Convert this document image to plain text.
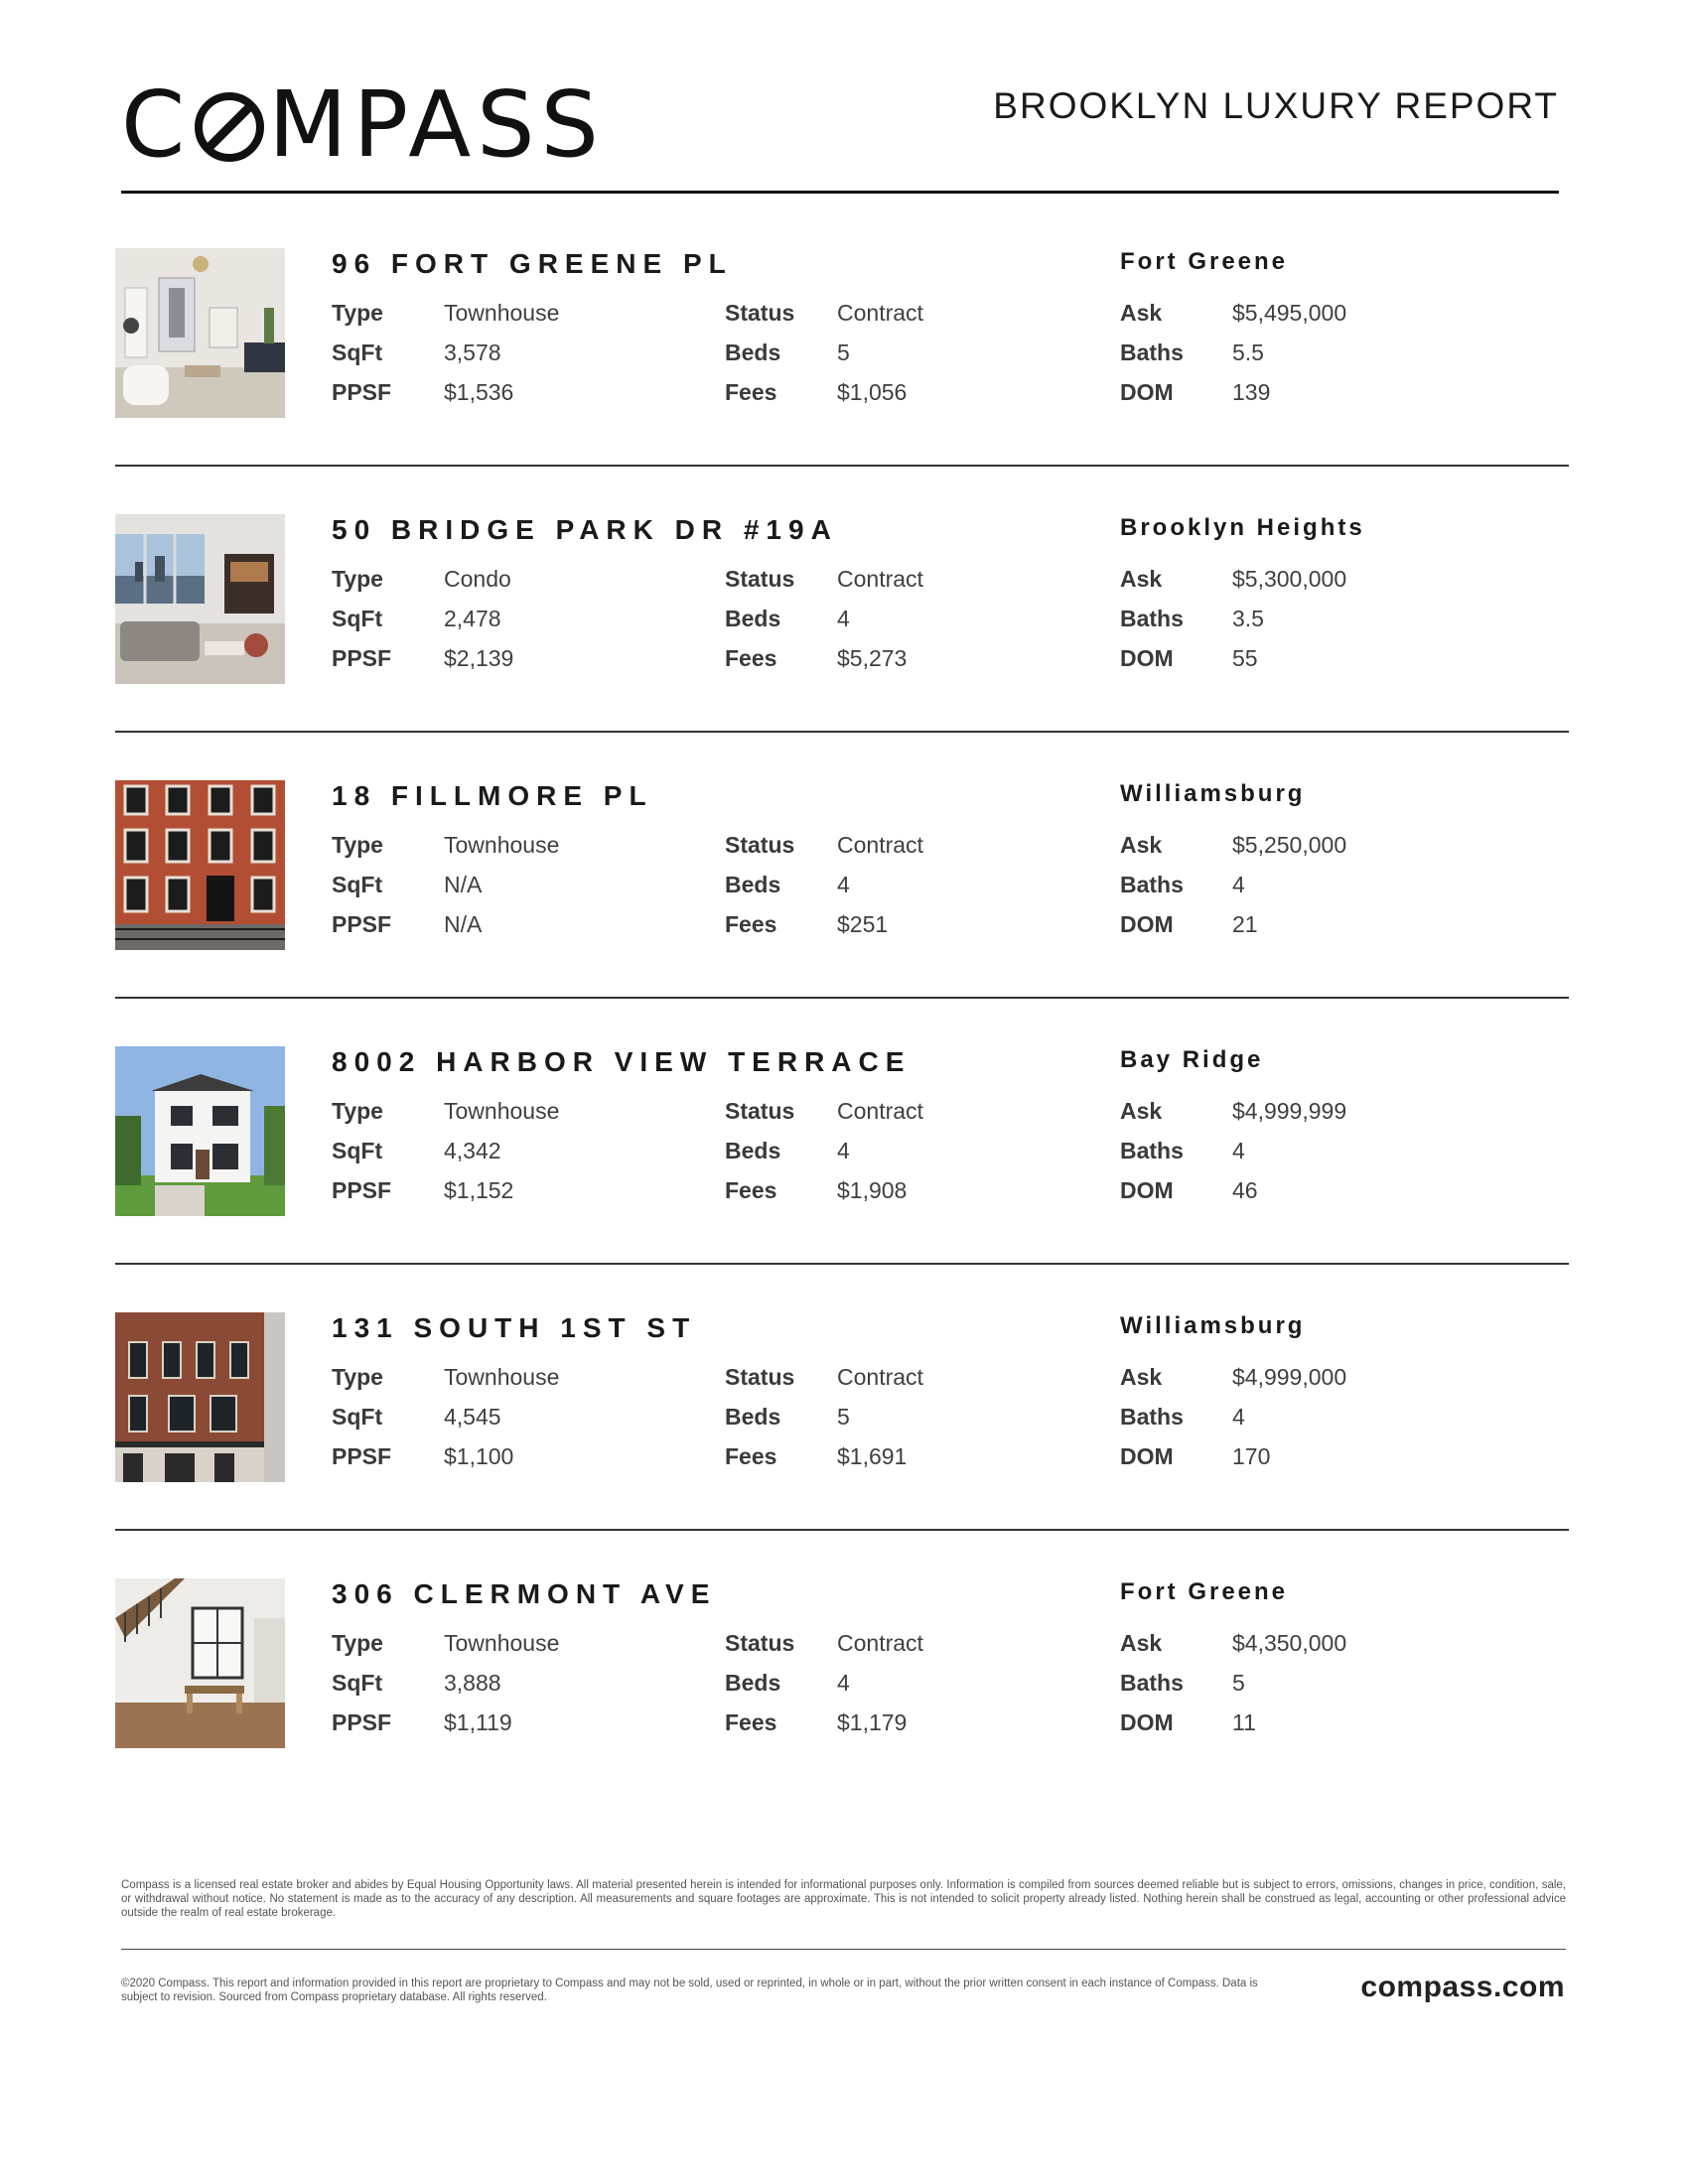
C MPASS	BROOKLYN LUXURY REPORT
96 FORT GREENE PL	Fort Greene
Type	Townhouse
SqFt	3,578
PPSF	$1,536
Status	Contract
Beds	5
Fees	$1,056
Ask	$5,495,000
Baths	5.5
DOM	139
50 BRIDGE PARK DR #19A	Brooklyn Heights
Type	Condo
SqFt	2,478
PPSF	$2,139
Status	Contract
Beds	4
Fees	$5,273
Ask	$5,300,000
Baths	3.5
DOM	55
18 FILLMORE PL	Williamsburg
Type	Townhouse
SqFt	N/A
PPSF	N/A
Status	Contract
Beds	4
Fees	$251
Ask	$5,250,000
Baths	4
DOM	21
8002 HARBOR VIEW TERRACE	Bay Ridge
Type	Townhouse
SqFt	4,342
PPSF	$1,152
Status	Contract
Beds	4
Fees	$1,908
Ask	$4,999,999
Baths	4
DOM	46
131 SOUTH 1ST ST	Williamsburg
Type	Townhouse
SqFt	4,545
PPSF	$1,100
Status	Contract
Beds	5
Fees	$1,691
Ask	$4,999,000
Baths	4
DOM	170
306 CLERMONT AVE	Fort Greene
Type	Townhouse
SqFt	3,888
PPSF	$1,119
Status	Contract
Beds	4
Fees	$1,179
Ask	$4,350,000
Baths	5
DOM	11
Compass is a licensed real estate broker and abides by Equal Housing Opportunity laws. All material presented herein is intended for informational purposes only. Information is compiled from sources deemed reliable but is subject to errors, omissions, changes in price, condition, sale, or withdrawal without notice. No statement is made as to the accuracy of any description. All measurements and square footages are approximate. This is not intended to solicit property already listed. Nothing herein shall be construed as legal, accounting or other professional advice outside the realm of real estate brokerage.
©2020 Compass. This report and information provided in this report are proprietary to Compass and may not be sold, used or reprinted, in whole or in part, without the prior written consent in each instance of Compass. Data is subject to revision. Sourced from Compass proprietary database. All rights reserved.	compass.com
